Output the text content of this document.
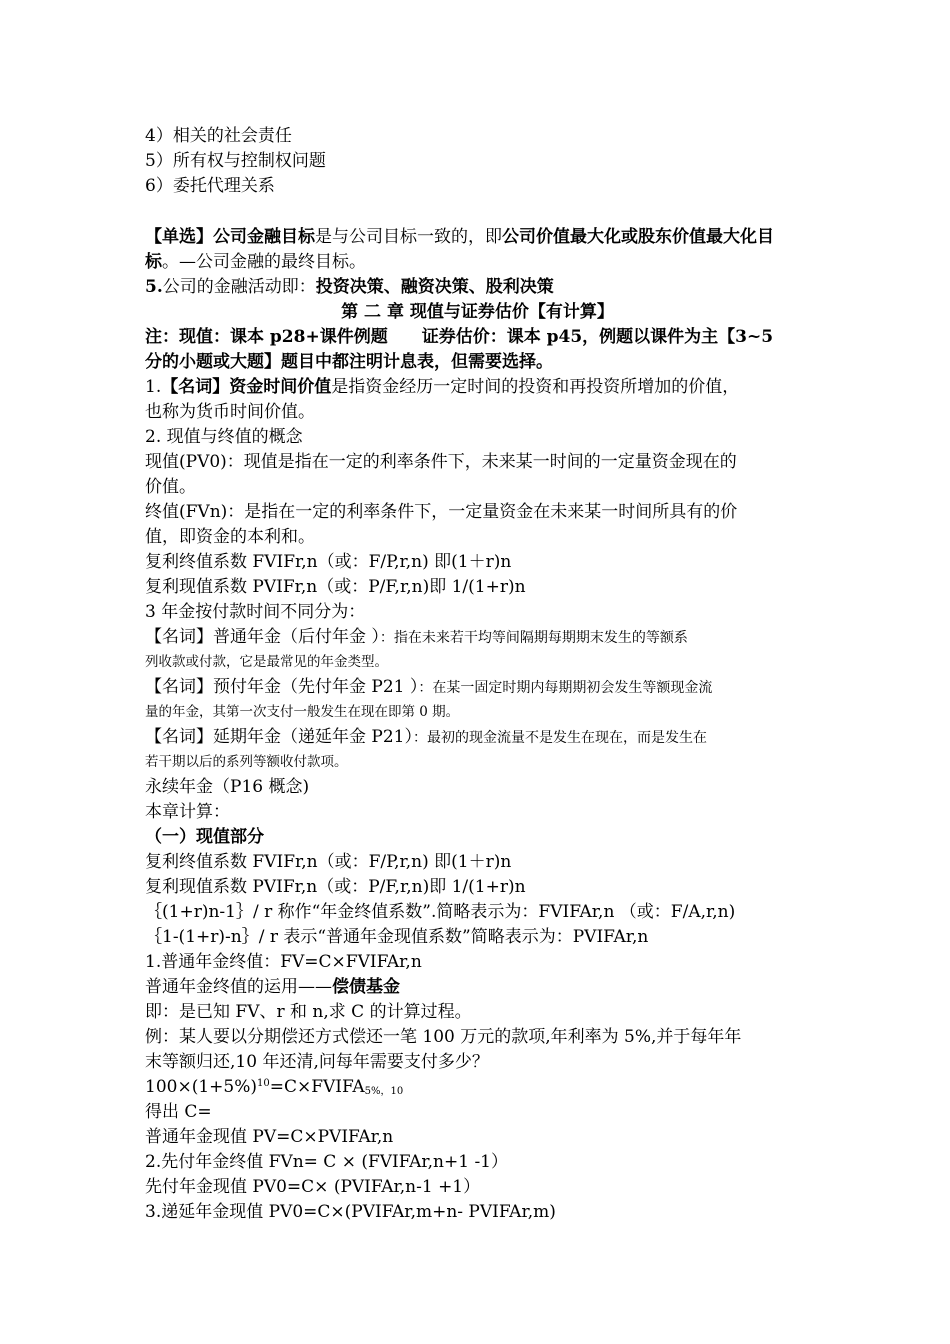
4）相关的社会责任
5）所有权与控制权问题
6）委托代理关系
【单选】公司金融目标是与公司目标一致的，即公司价值最大化或股东价值最大化目
标。—公司金融的最终目标。
5.公司的金融活动即：投资决策、融资决策、股利决策
第 二 章 现值与证券估价【有计算】
注：现值：课本 p28+课件例题　　证券估价：课本 p45，例题以课件为主【3~5
分的小题或大题】题目中都注明计息表，但需要选择。
1.【名词】资金时间价值是指资金经历一定时间的投资和再投资所增加的价值，
也称为货币时间价值。
2. 现值与终值的概念
现值(PV0)：现值是指在一定的利率条件下，未来某一时间的一定量资金现在的
价值。
终值(FVn)：是指在一定的利率条件下，一定量资金在未来某一时间所具有的价
值，即资金的本利和。
复利终值系数 FVIFr,n（或：F/P,r,n) 即(1＋r)n
复利现值系数 PVIFr,n（或：P/F,r,n)即 1/(1+r)n
3 年金按付款时间不同分为：
【名词】普通年金（后付年金 ）：指在未来若干均等间隔期每期期末发生的等额系
列收款或付款，它是最常见的年金类型。
【名词】预付年金（先付年金 P21 ）：在某一固定时期内每期期初会发生等额现金流
量的年金，其第一次支付一般发生在现在即第 0 期。
【名词】延期年金（递延年金 P21）：最初的现金流量不是发生在现在，而是发生在
若干期以后的系列等额收付款项。
永续年金（P16 概念)
本章计算：
（一）现值部分
复利终值系数 FVIFr,n（或：F/P,r,n) 即(1＋r)n
复利现值系数 PVIFr,n（或：P/F,r,n)即 1/(1+r)n
｛(1+r)n-1｝/ r 称作“年金终值系数”.简略表示为：FVIFAr,n （或：F/A,r,n)
｛1-(1+r)-n｝/ r 表示“普通年金现值系数”简略表示为：PVIFAr,n
1.普通年金终值：FV=C×FVIFAr,n
普通年金终值的运用——偿债基金
即：是已知 FV、r 和 n,求 C 的计算过程。
例：某人要以分期偿还方式偿还一笔 100 万元的款项,年利率为 5%,并于每年年
末等额归还,10 年还清,问每年需要支付多少？
$100\times(1+5\%)^{10}=C\times FVIFA_{5\%,10}$
得出 C=
普通年金现值 PV=C×PVIFAr,n
2.先付年金终值 FVn= C × (FVIFAr,n+1 -1）
先付年金现值 PV0=C× (PVIFAr,n-1 +1）
3.递延年金现值 PV0=C×(PVIFAr,m+n- PVIFAr,m)
